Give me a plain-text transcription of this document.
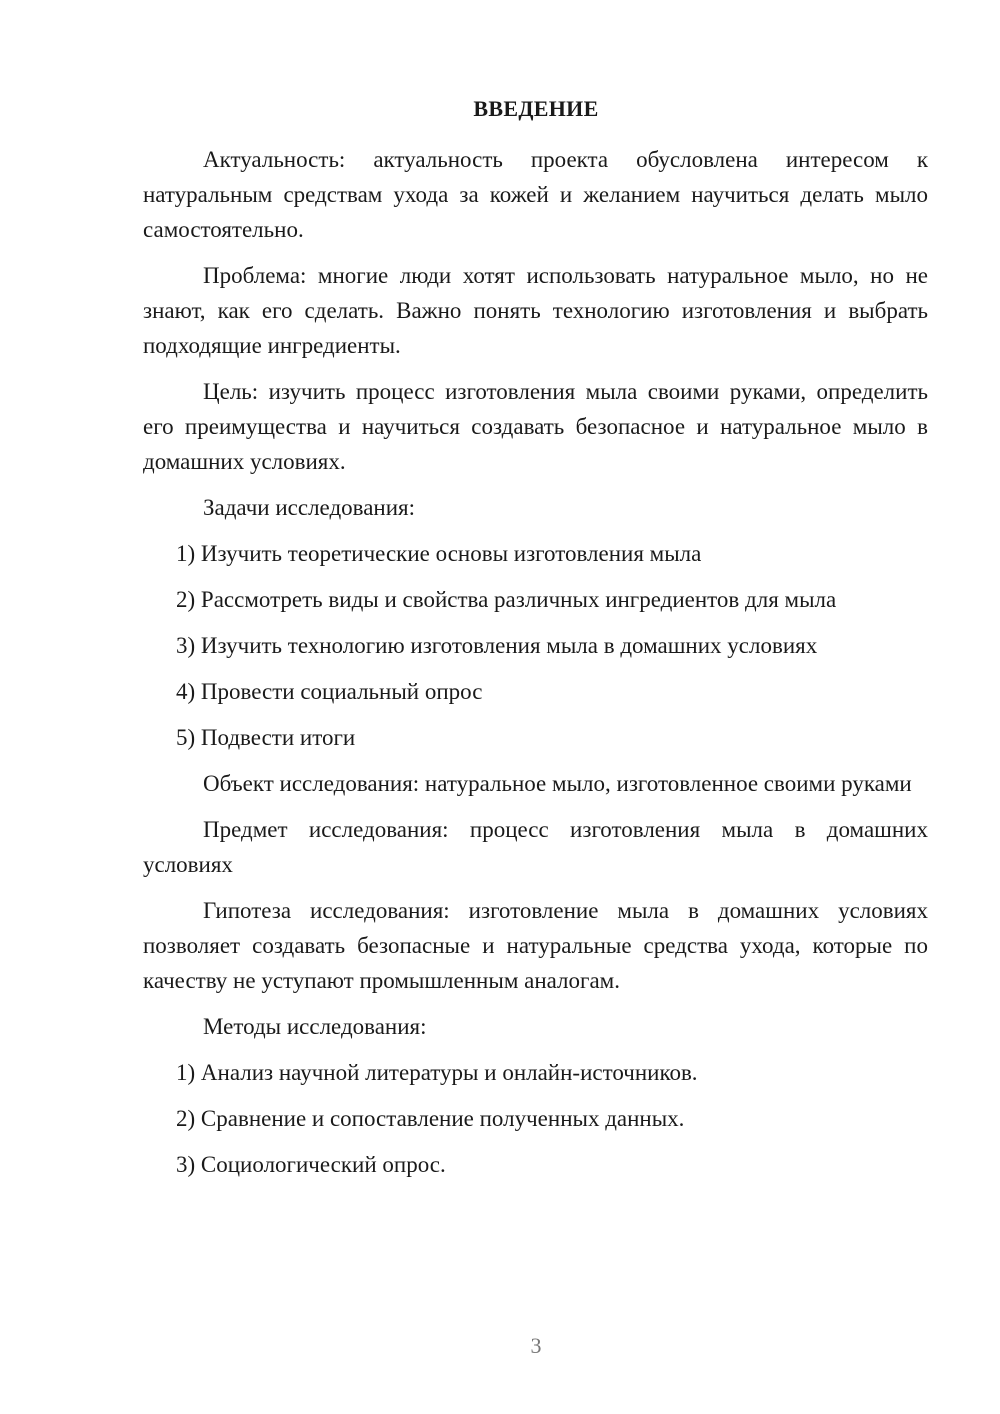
ВВЕДЕНИЕ

Актуальность: актуальность проекта обусловлена интересом к натуральным средствам ухода за кожей и желанием научиться делать мыло самостоятельно.

Проблема: многие люди хотят использовать натуральное мыло, но не знают, как его сделать. Важно понять технологию изготовления и выбрать подходящие ингредиенты.

Цель: изучить процесс изготовления мыла своими руками, определить его преимущества и научиться создавать безопасное и натуральное мыло в домашних условиях.

Задачи исследования:

1) Изучить теоретические основы изготовления мыла
2) Рассмотреть виды и свойства различных ингредиентов для мыла
3) Изучить технологию изготовления мыла в домашних условиях
4) Провести социальный опрос
5) Подвести итоги

Объект исследования: натуральное мыло, изготовленное своими руками

Предмет исследования: процесс изготовления мыла в домашних условиях

Гипотеза исследования: изготовление мыла в домашних условиях позволяет создавать безопасные и натуральные средства ухода, которые по качеству не уступают промышленным аналогам.

Методы исследования:

1) Анализ научной литературы и онлайн-источников.
2) Сравнение и сопоставление полученных данных.
3) Социологический опрос.
3
